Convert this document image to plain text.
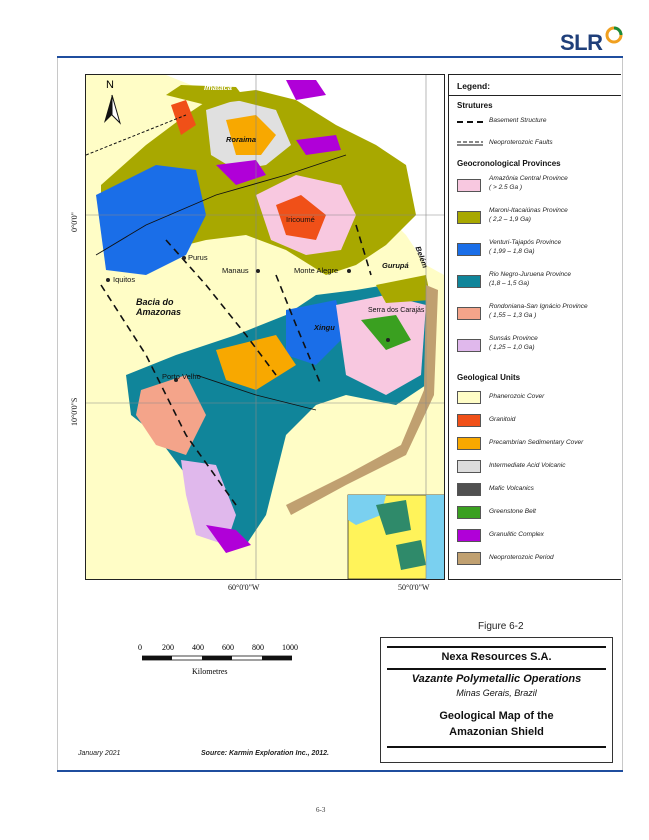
SLR
N	Imataca
Roraima
Iricoumé
Purus
Iquitos
Manaus	Monte Alegre
Gurupá Belém
Bacia do Amazonas
Xingu
Serra dos Carajás
Porto Velho
0°0'0"
10°0'0"S
60°0'0"W	50°0'0"W
Legend:
Strutures
Basement Structure
Neoproterozoic Faults
Geocronological Provinces
Geological Units
Amazônia Central Province
( > 2.5 Ga )
Maroni-Itacaiúnas Province
( 2,2 – 1,9 Ga)
Venturi-Tajapós Province
( 1,99 – 1,8 Ga)
Rio Negro-Juruena Province
(1,8 – 1,5 Ga)
Rondoniana-San Ignácio Province
( 1,55 – 1,3 Ga )
Sunsás Province
( 1,25 – 1,0 Ga)
Phanerozoic Cover
Granitoid
Precambrian Sedimentary Cover
Intermediate Acid Volcanic
Mafic Volcanics
Greenstone Belt
Granulitic Complex
Neoproterozoic Period
0	200 400 600 800 1000
Kilometres
Figure 6-2
Nexa Resources S.A.
Vazante Polymetallic Operations
Minas Gerais, Brazil
Geological Map of the
Amazonian Shield
January 2021	Source: Karmin Exploration Inc., 2012.
6-3
